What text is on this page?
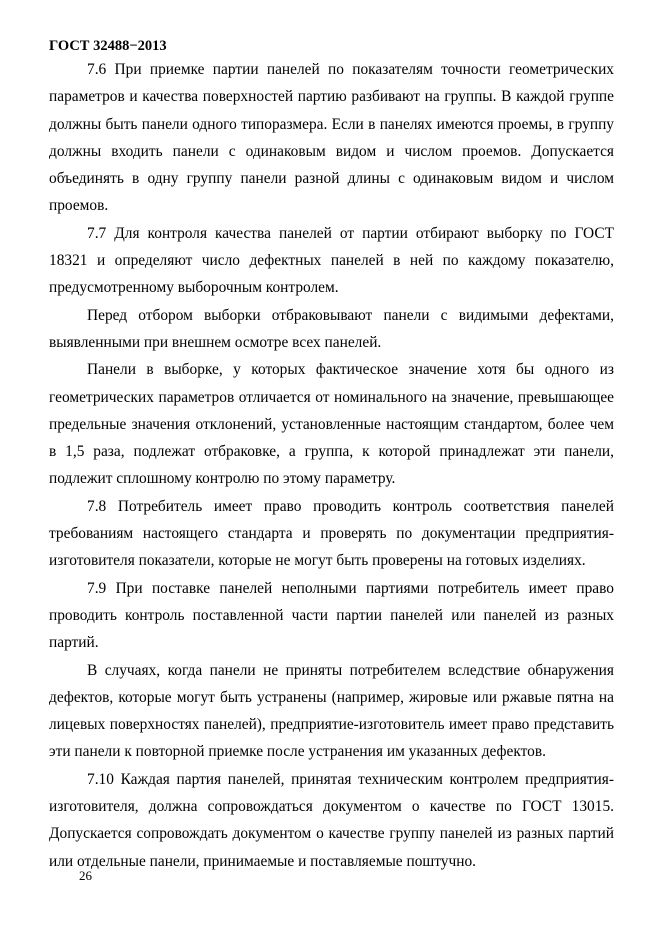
ГОСТ 32488−2013

7.6 При приемке партии панелей по показателям точности геометрических параметров и качества поверхностей партию разбивают на группы. В каждой группе должны быть панели одного типоразмера. Если в панелях имеются проемы, в группу должны входить панели с одинаковым видом и числом проемов. Допускается объединять в одну группу панели разной длины с одинаковым видом и числом проемов.

7.7 Для контроля качества панелей от партии отбирают выборку по ГОСТ 18321 и определяют число дефектных панелей в ней по каждому показателю, предусмотренному выборочным контролем.

Перед отбором выборки отбраковывают панели с видимыми дефектами, выявленными при внешнем осмотре всех панелей.

Панели в выборке, у которых фактическое значение хотя бы одного из геометрических параметров отличается от номинального на значение, превышающее предельные значения отклонений, установленные настоящим стандартом, более чем в 1,5 раза, подлежат отбраковке, а группа, к которой принадлежат эти панели, подлежит сплошному контролю по этому параметру.

7.8 Потребитель имеет право проводить контроль соответствия панелей требованиям настоящего стандарта и проверять по документации предприятия-изготовителя показатели, которые не могут быть проверены на готовых изделиях.

7.9 При поставке панелей неполными партиями потребитель имеет право проводить контроль поставленной части партии панелей или панелей из разных партий.

В случаях, когда панели не приняты потребителем вследствие обнаружения дефектов, которые могут быть устранены (например, жировые или ржавые пятна на лицевых поверхностях панелей), предприятие-изготовитель имеет право представить эти панели к повторной приемке после устранения им указанных дефектов.

7.10 Каждая партия панелей, принятая техническим контролем предприятия-изготовителя, должна сопровождаться документом о качестве по ГОСТ 13015. Допускается сопровождать документом о качестве группу панелей из разных партий или отдельные панели, принимаемые и поставляемые поштучно.

26
